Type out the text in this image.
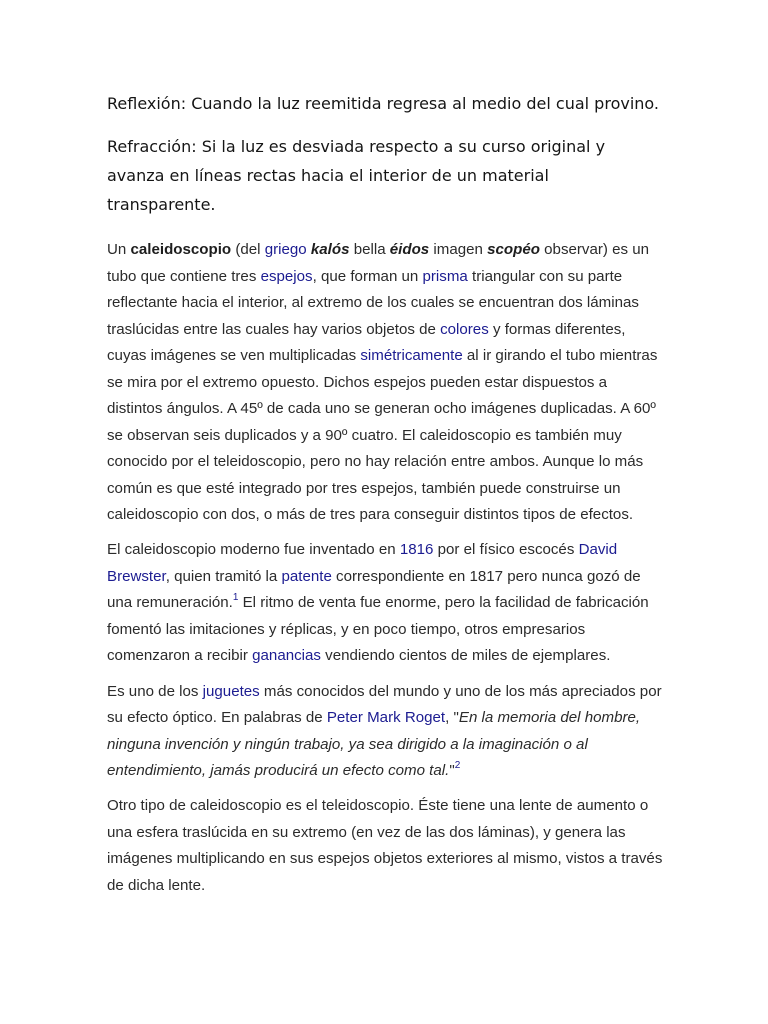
Reflexión: Cuando la luz reemitida regresa al medio del cual provino.
Refracción: Si la luz es desviada respecto a su curso original y
avanza en líneas rectas hacia el interior de un material
transparente.
Un caleidoscopio (del griego kalós bella éidos imagen scopéo observar) es un
tubo que contiene tres espejos, que forman un prisma triangular con su parte
reflectante hacia el interior, al extremo de los cuales se encuentran dos láminas
traslúcidas entre las cuales hay varios objetos de colores y formas diferentes,
cuyas imágenes se ven multiplicadas simétricamente al ir girando el tubo mientras
se mira por el extremo opuesto. Dichos espejos pueden estar dispuestos a
distintos ángulos. A 45º de cada uno se generan ocho imágenes duplicadas. A 60º
se observan seis duplicados y a 90º cuatro. El caleidoscopio es también muy
conocido por el teleidoscopio, pero no hay relación entre ambos. Aunque lo más
común es que esté integrado por tres espejos, también puede construirse un
caleidoscopio con dos, o más de tres para conseguir distintos tipos de efectos.
El caleidoscopio moderno fue inventado en 1816 por el físico escocés David
Brewster, quien tramitó la patente correspondiente en 1817 pero nunca gozó de
una remuneración.$^1$ El ritmo de venta fue enorme, pero la facilidad de fabricación
fomentó las imitaciones y réplicas, y en poco tiempo, otros empresarios
comenzaron a recibir ganancias vendiendo cientos de miles de ejemplares.
Es uno de los juguetes más conocidos del mundo y uno de los más apreciados por
su efecto óptico. En palabras de Peter Mark Roget, "En la memoria del hombre,
ninguna invención y ningún trabajo, ya sea dirigido a la imaginación o al
entendimiento, jamás producirá un efecto como tal."$^2$
Otro tipo de caleidoscopio es el teleidoscopio. Éste tiene una lente de aumento o
una esfera traslúcida en su extremo (en vez de las dos láminas), y genera las
imágenes multiplicando en sus espejos objetos exteriores al mismo, vistos a través
de dicha lente.
